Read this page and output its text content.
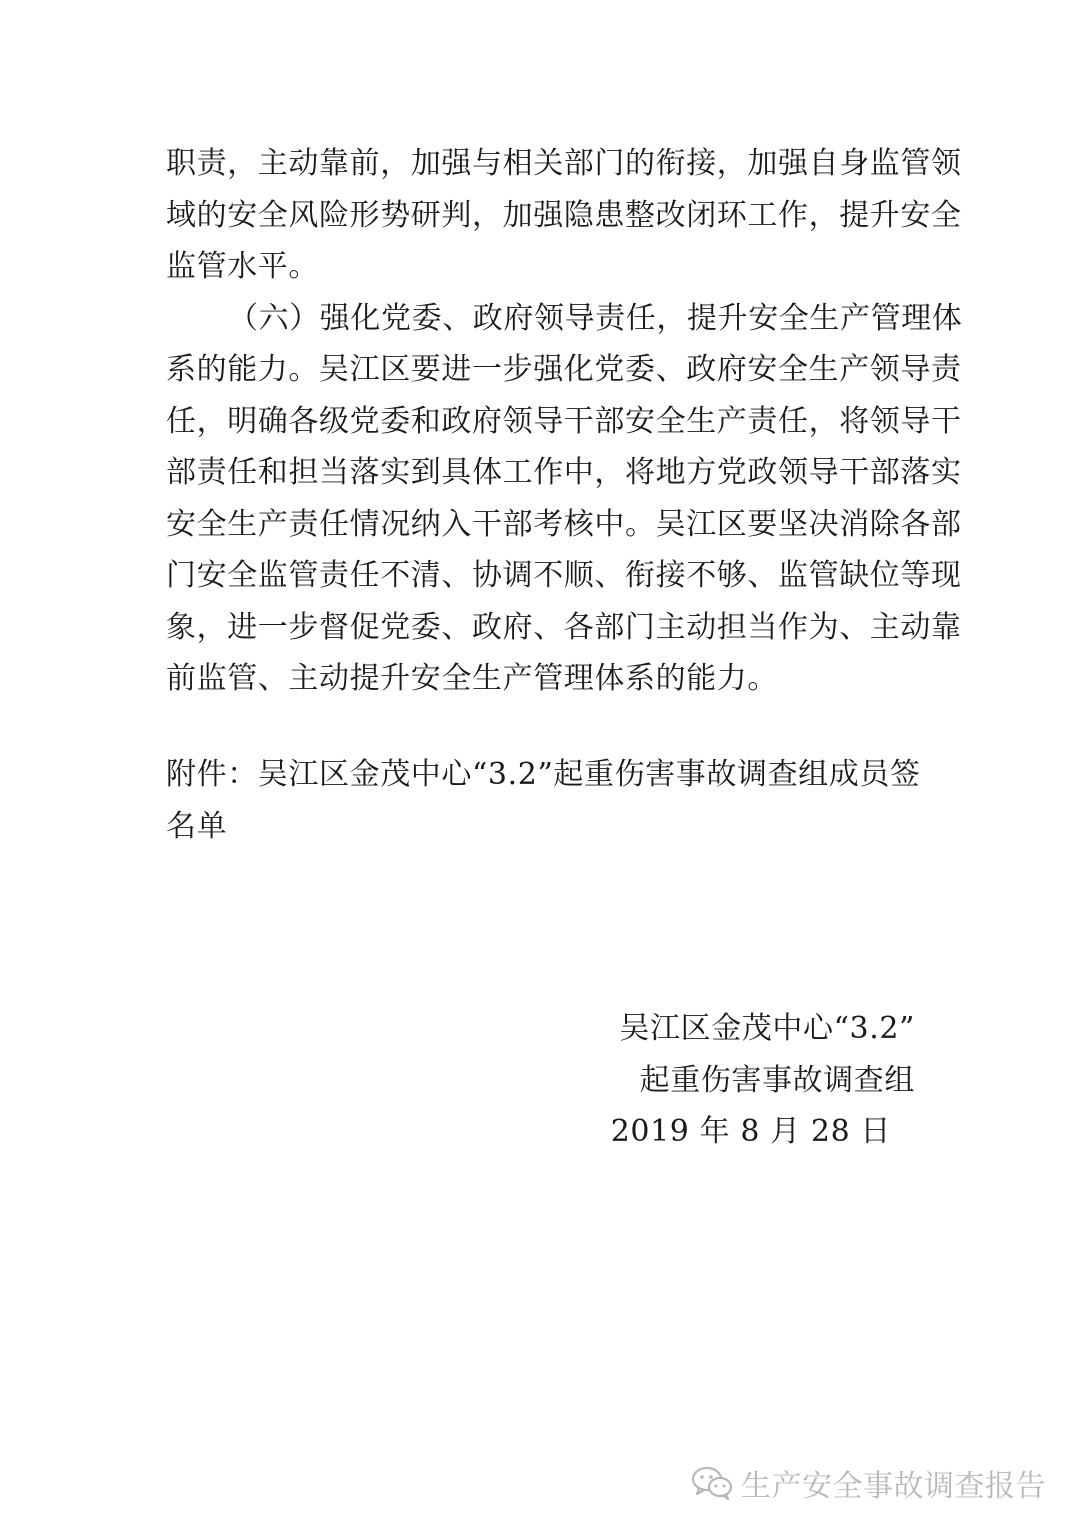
职责，主动靠前，加强与相关部门的衔接，加强自身监管领
域的安全风险形势研判，加强隐患整改闭环工作，提升安全
监管水平。
（六）强化党委、政府领导责任，提升安全生产管理体
系的能力。吴江区要进一步强化党委、政府安全生产领导责
任，明确各级党委和政府领导干部安全生产责任，将领导干
部责任和担当落实到具体工作中，将地方党政领导干部落实
安全生产责任情况纳入干部考核中。吴江区要坚决消除各部
门安全监管责任不清、协调不顺、衔接不够、监管缺位等现
象，进一步督促党委、政府、各部门主动担当作为、主动靠
前监管、主动提升安全生产管理体系的能力。
附件：吴江区金茂中心“3.2”起重伤害事故调查组成员签
名单
吴江区金茂中心“3.2”
起重伤害事故调查组
2019 年 8 月 28 日
生产安全事故调查报告
